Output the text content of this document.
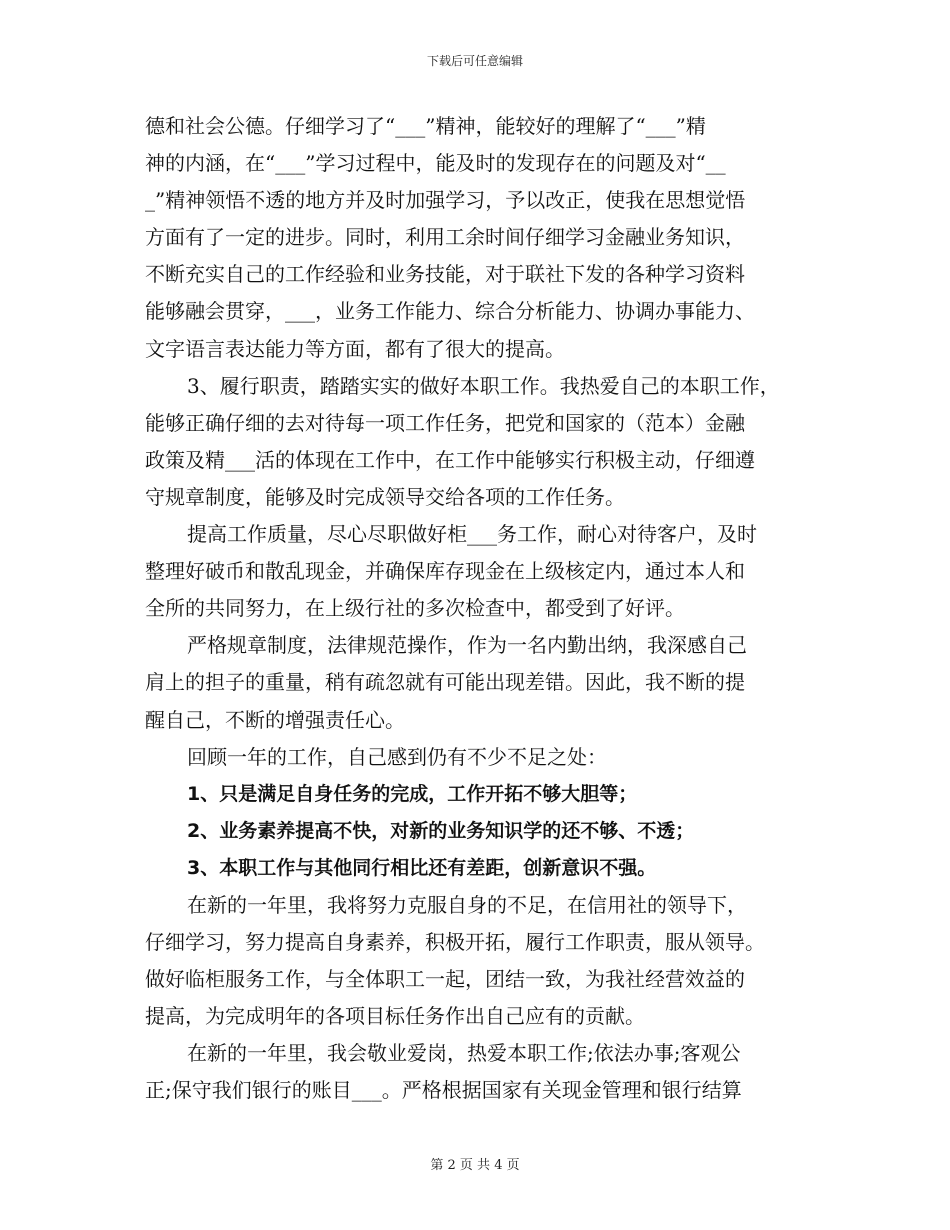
下载后可任意编辑
德和社会公德。仔细学习了“___”精神，能较好的理解了“___”精
神的内涵，在“___”学习过程中，能及时的发现存在的问题及对“__
_”精神领悟不透的地方并及时加强学习，予以改正，使我在思想觉悟
方面有了一定的进步。同时，利用工余时间仔细学习金融业务知识，
不断充实自己的工作经验和业务技能，对于联社下发的各种学习资料
能够融会贯穿，___，业务工作能力、综合分析能力、协调办事能力、
文字语言表达能力等方面，都有了很大的提高。
3、履行职责，踏踏实实的做好本职工作。我热爱自己的本职工作，
能够正确仔细的去对待每一项工作任务，把党和国家的（范本）金融
政策及精___活的体现在工作中，在工作中能够实行积极主动，仔细遵
守规章制度，能够及时完成领导交给各项的工作任务。
提高工作质量，尽心尽职做好柜___务工作，耐心对待客户，及时
整理好破币和散乱现金，并确保库存现金在上级核定内，通过本人和
全所的共同努力，在上级行社的多次检查中，都受到了好评。
严格规章制度，法律规范操作，作为一名内勤出纳，我深感自己
肩上的担子的重量，稍有疏忽就有可能出现差错。因此，我不断的提
醒自己，不断的增强责任心。
回顾一年的工作，自己感到仍有不少不足之处：
1、只是满足自身任务的完成，工作开拓不够大胆等；
2、业务素养提高不快，对新的业务知识学的还不够、不透；
3、本职工作与其他同行相比还有差距，创新意识不强。
在新的一年里，我将努力克服自身的不足，在信用社的领导下，
仔细学习，努力提高自身素养，积极开拓，履行工作职责，服从领导。
做好临柜服务工作，与全体职工一起，团结一致，为我社经营效益的
提高，为完成明年的各项目标任务作出自己应有的贡献。
在新的一年里，我会敬业爱岗，热爱本职工作;依法办事;客观公
正;保守我们银行的账目___。严格根据国家有关现金管理和银行结算
第 2 页 共 4 页
